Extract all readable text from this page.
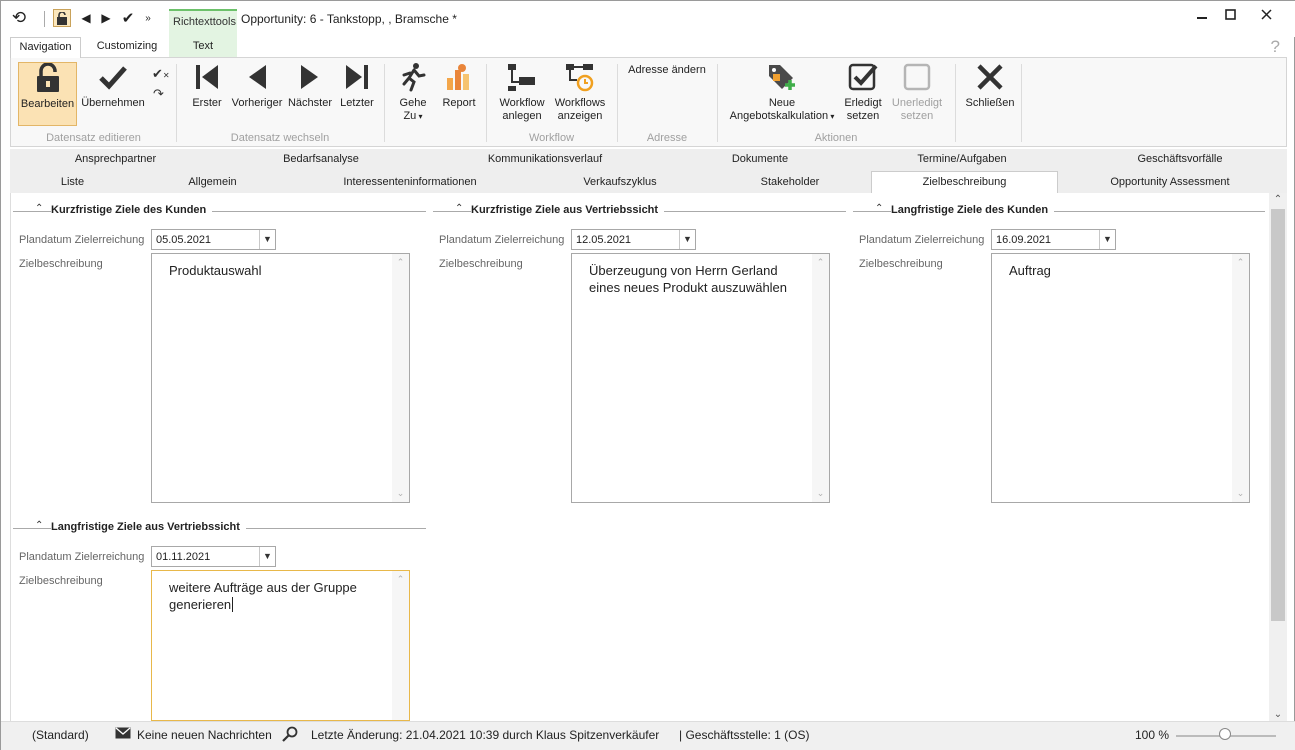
⟲	◀ ▶ ✔	»	Richtexttools Opportunity: 6 - Tankstopp, , Bramsche *
Navigation	Customizing	Text	?
Bearbeiten Übernehmen
✔✕
↷
Datensatz editieren
Erster Vorheriger Nächster Letzter
Datensatz wechseln
Gehe
Zu ▾
Report	Workflow
anlegen
Workflows
anzeigen
Workflow
Adresse ändern
Adresse
Neue
Angebotskalkulation ▾
Erledigt
setzen
Unerledigt
setzen
Aktionen
Schließen
Ansprechpartner	Bedarfsanalyse	Kommunikationsverlauf	Dokumente	Termine/Aufgaben	Geschäftsvorfälle
Liste	Allgemein	Interessenteninformationen	Verkaufszyklus	Stakeholder	Zielbeschreibung	Opportunity Assessment
⌃ Kurzfristige Ziele des Kunden
Plandatum Zielerreichung 05.05.2021	▼
Zielbeschreibung	Produktauswahl
⌃
⌄
⌃ Kurzfristige Ziele aus Vertriebssicht
Plandatum Zielerreichung 12.05.2021	▼
Zielbeschreibung	Überzeugung von Herrn Gerland eines neues Produkt auszuwählen
⌃
⌄
⌃ Langfristige Ziele des Kunden
Plandatum Zielerreichung 16.09.2021	▼
Zielbeschreibung	Auftrag
⌃
⌄
⌃ Langfristige Ziele aus Vertriebssicht
Plandatum Zielerreichung 01.11.2021	▼
Zielbeschreibung	weitere Aufträge aus der Gruppe generieren
⌃
⌃
⌄
(Standard)	Keine neuen Nachrichten	Letzte Änderung: 21.04.2021 10:39 durch Klaus Spitzenverkäufer | Geschäftsstelle: 1 (OS)	100 %
